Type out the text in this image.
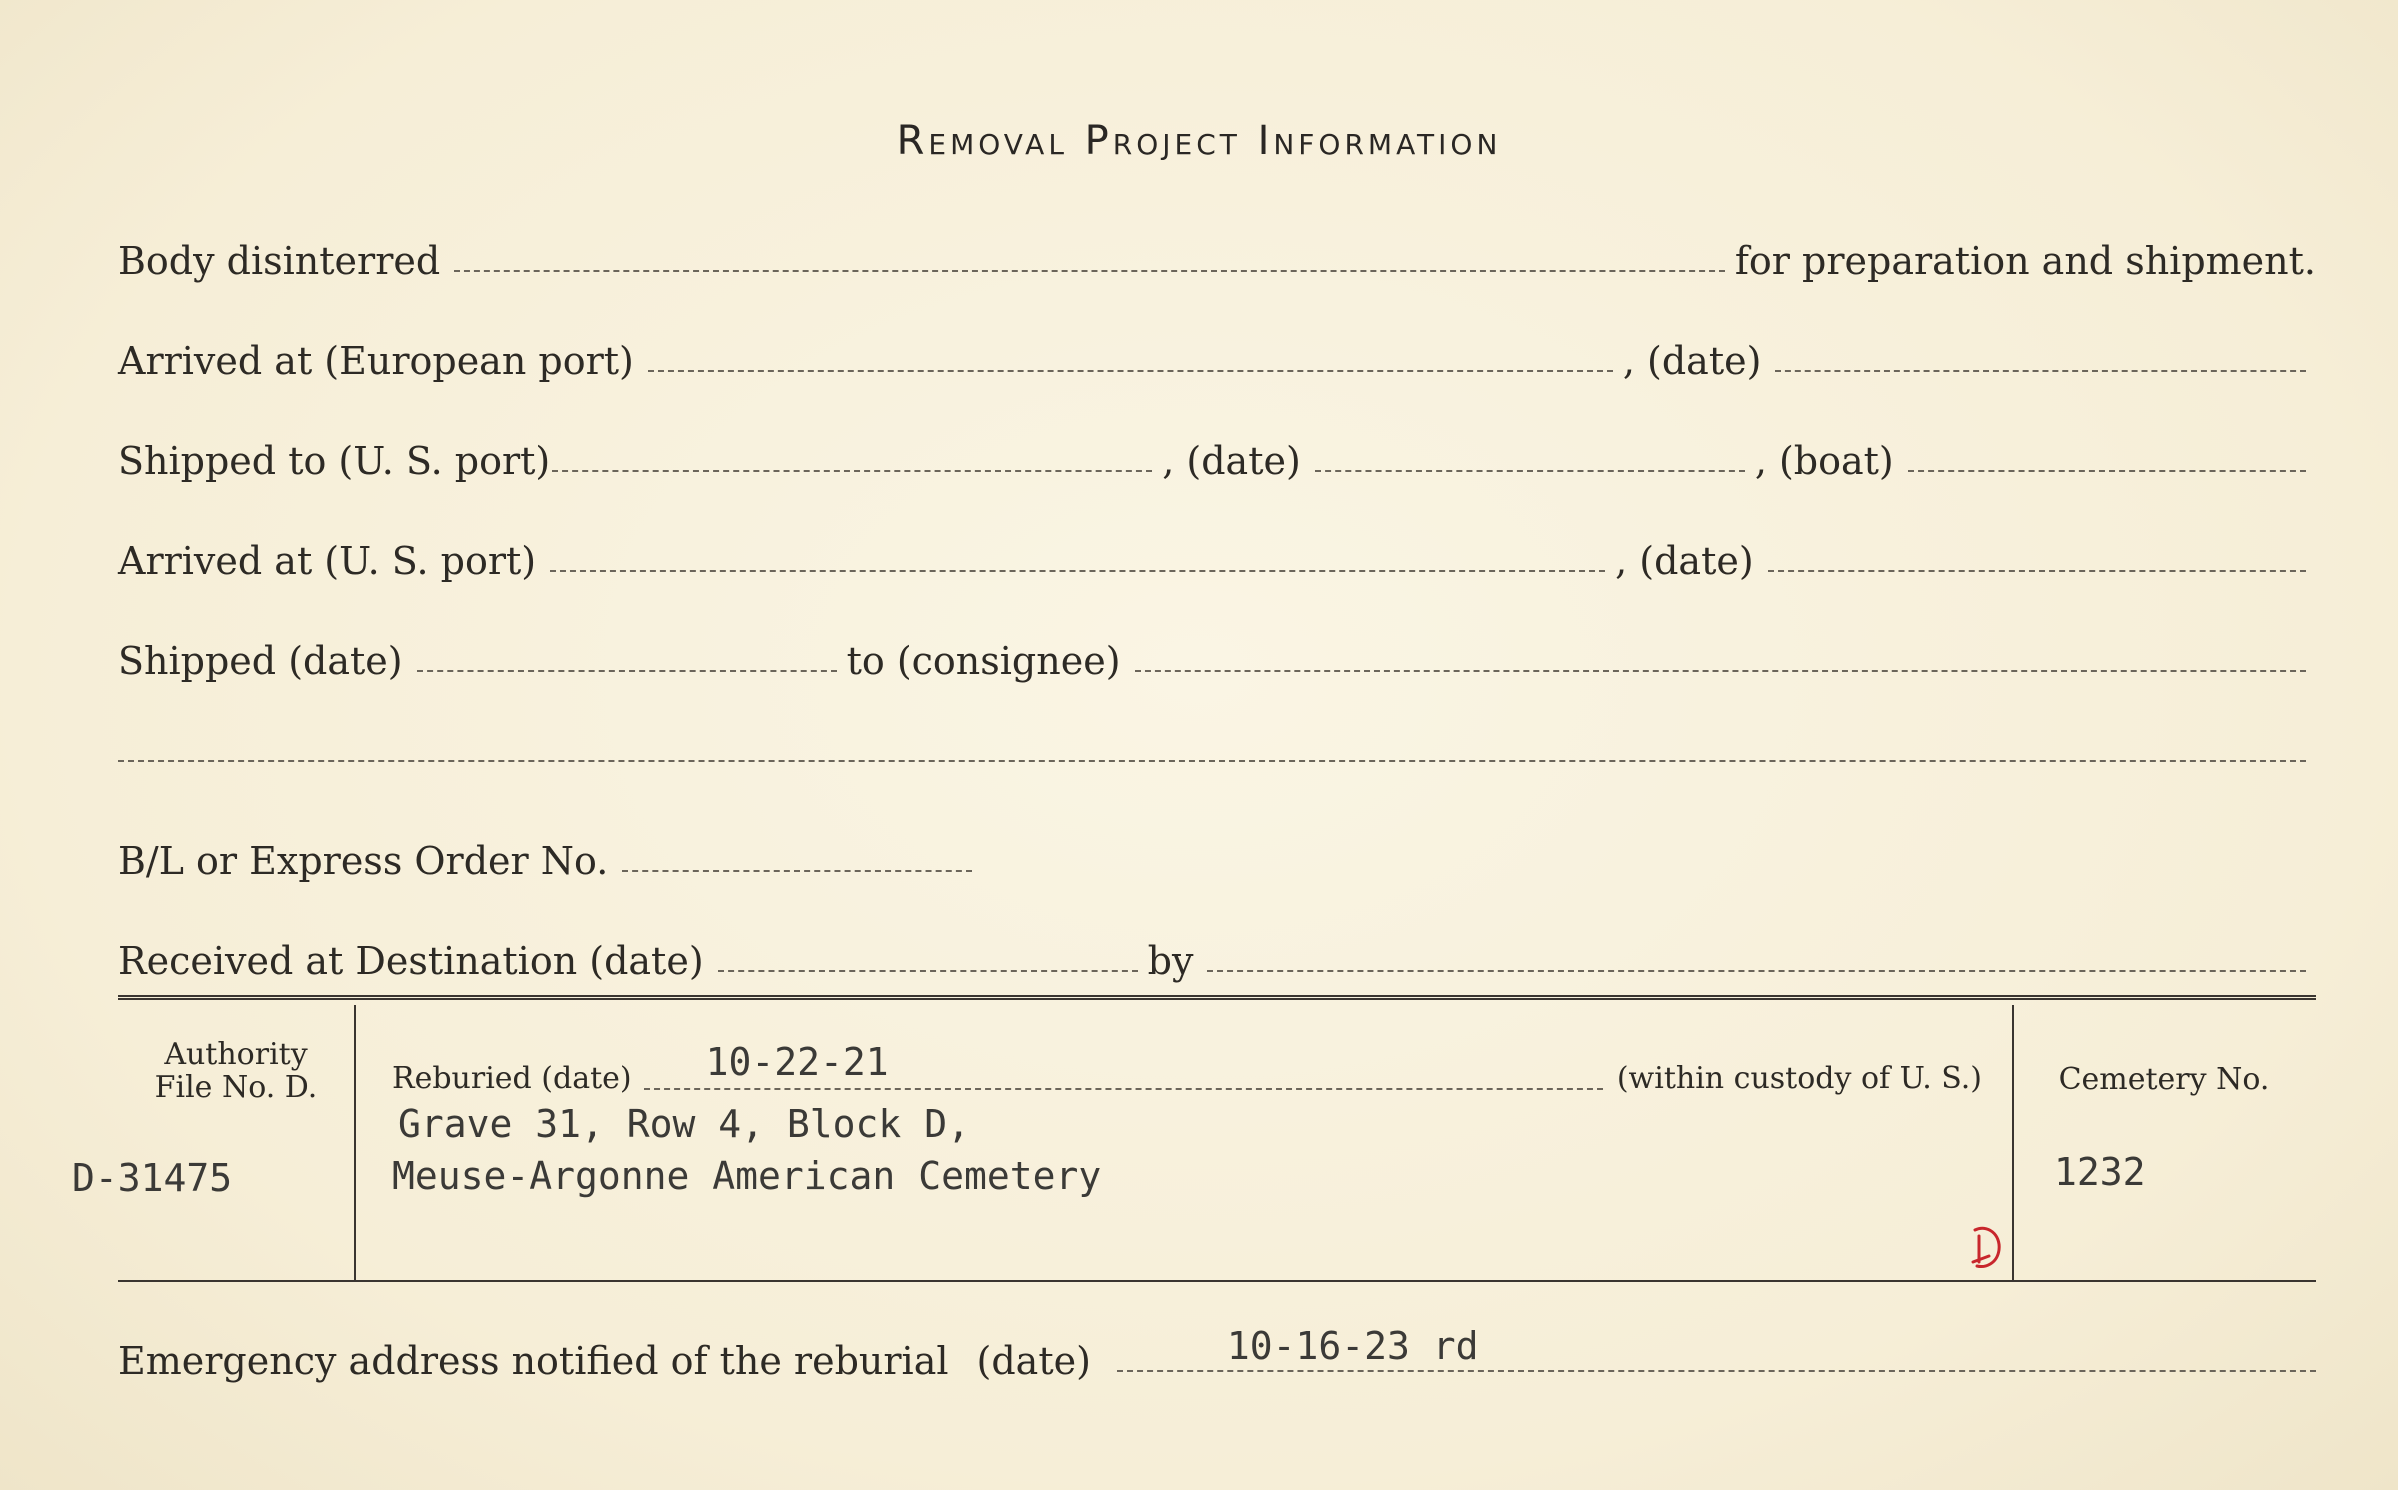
Removal Project Information
Body disinterred	for preparation and shipment.
Arrived at (European port)	, (date)
Shipped to (U. S. port)	, (date)	, (boat)
Arrived at (U. S. port)	, (date)
Shipped (date)	to (consignee)
B/L or Express Order No.
Received at Destination (date)	by
Authority
File No. D.
D-31475
Reburied (date) 10-22-21	(within custody of U. S.)
Grave 31, Row 4, Block D,
Meuse-Argonne American Cemetery
Cemetery No.
1232
Emergency address notified of the reburial (date)	10-16-23 rd
